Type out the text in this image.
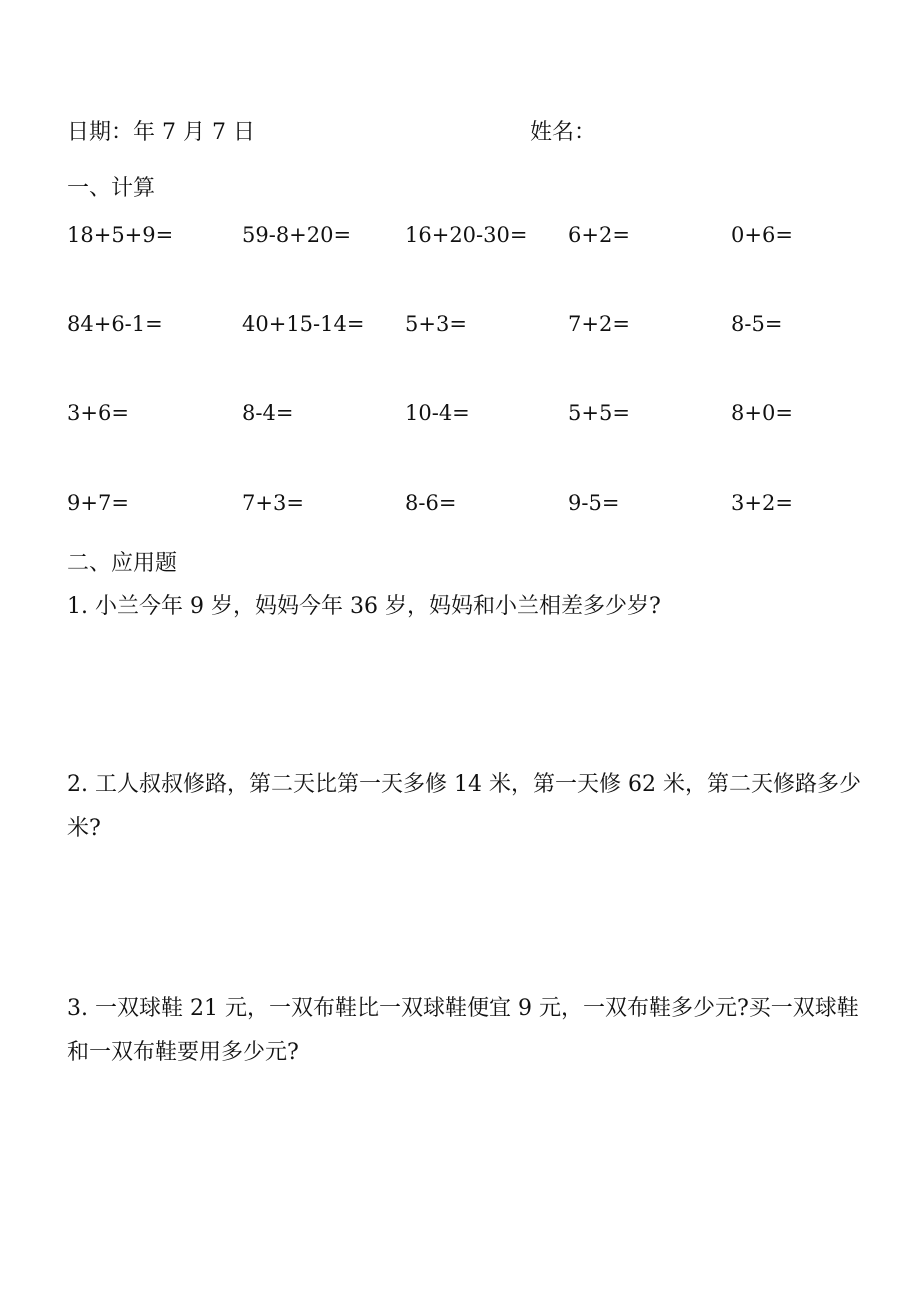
日期：年 7 月 7 日	姓名：
一、计算
18+5+9=	59-8+20=	16+20-30= 6+2=	0+6=
84+6-1=	40+15-14= 5+3=	7+2=	8-5=
3+6=	8-4=	10-4=	5+5=	8+0=
9+7=	7+3=	8-6=	9-5=	3+2=
二、应用题
1. 小兰今年 9 岁，妈妈今年 36 岁，妈妈和小兰相差多少岁?
2. 工人叔叔修路，第二天比第一天多修 14 米，第一天修 62 米，第二天修路多少米?
3. 一双球鞋 21 元，一双布鞋比一双球鞋便宜 9 元，一双布鞋多少元?买一双球鞋和一双布鞋要用多少元?
